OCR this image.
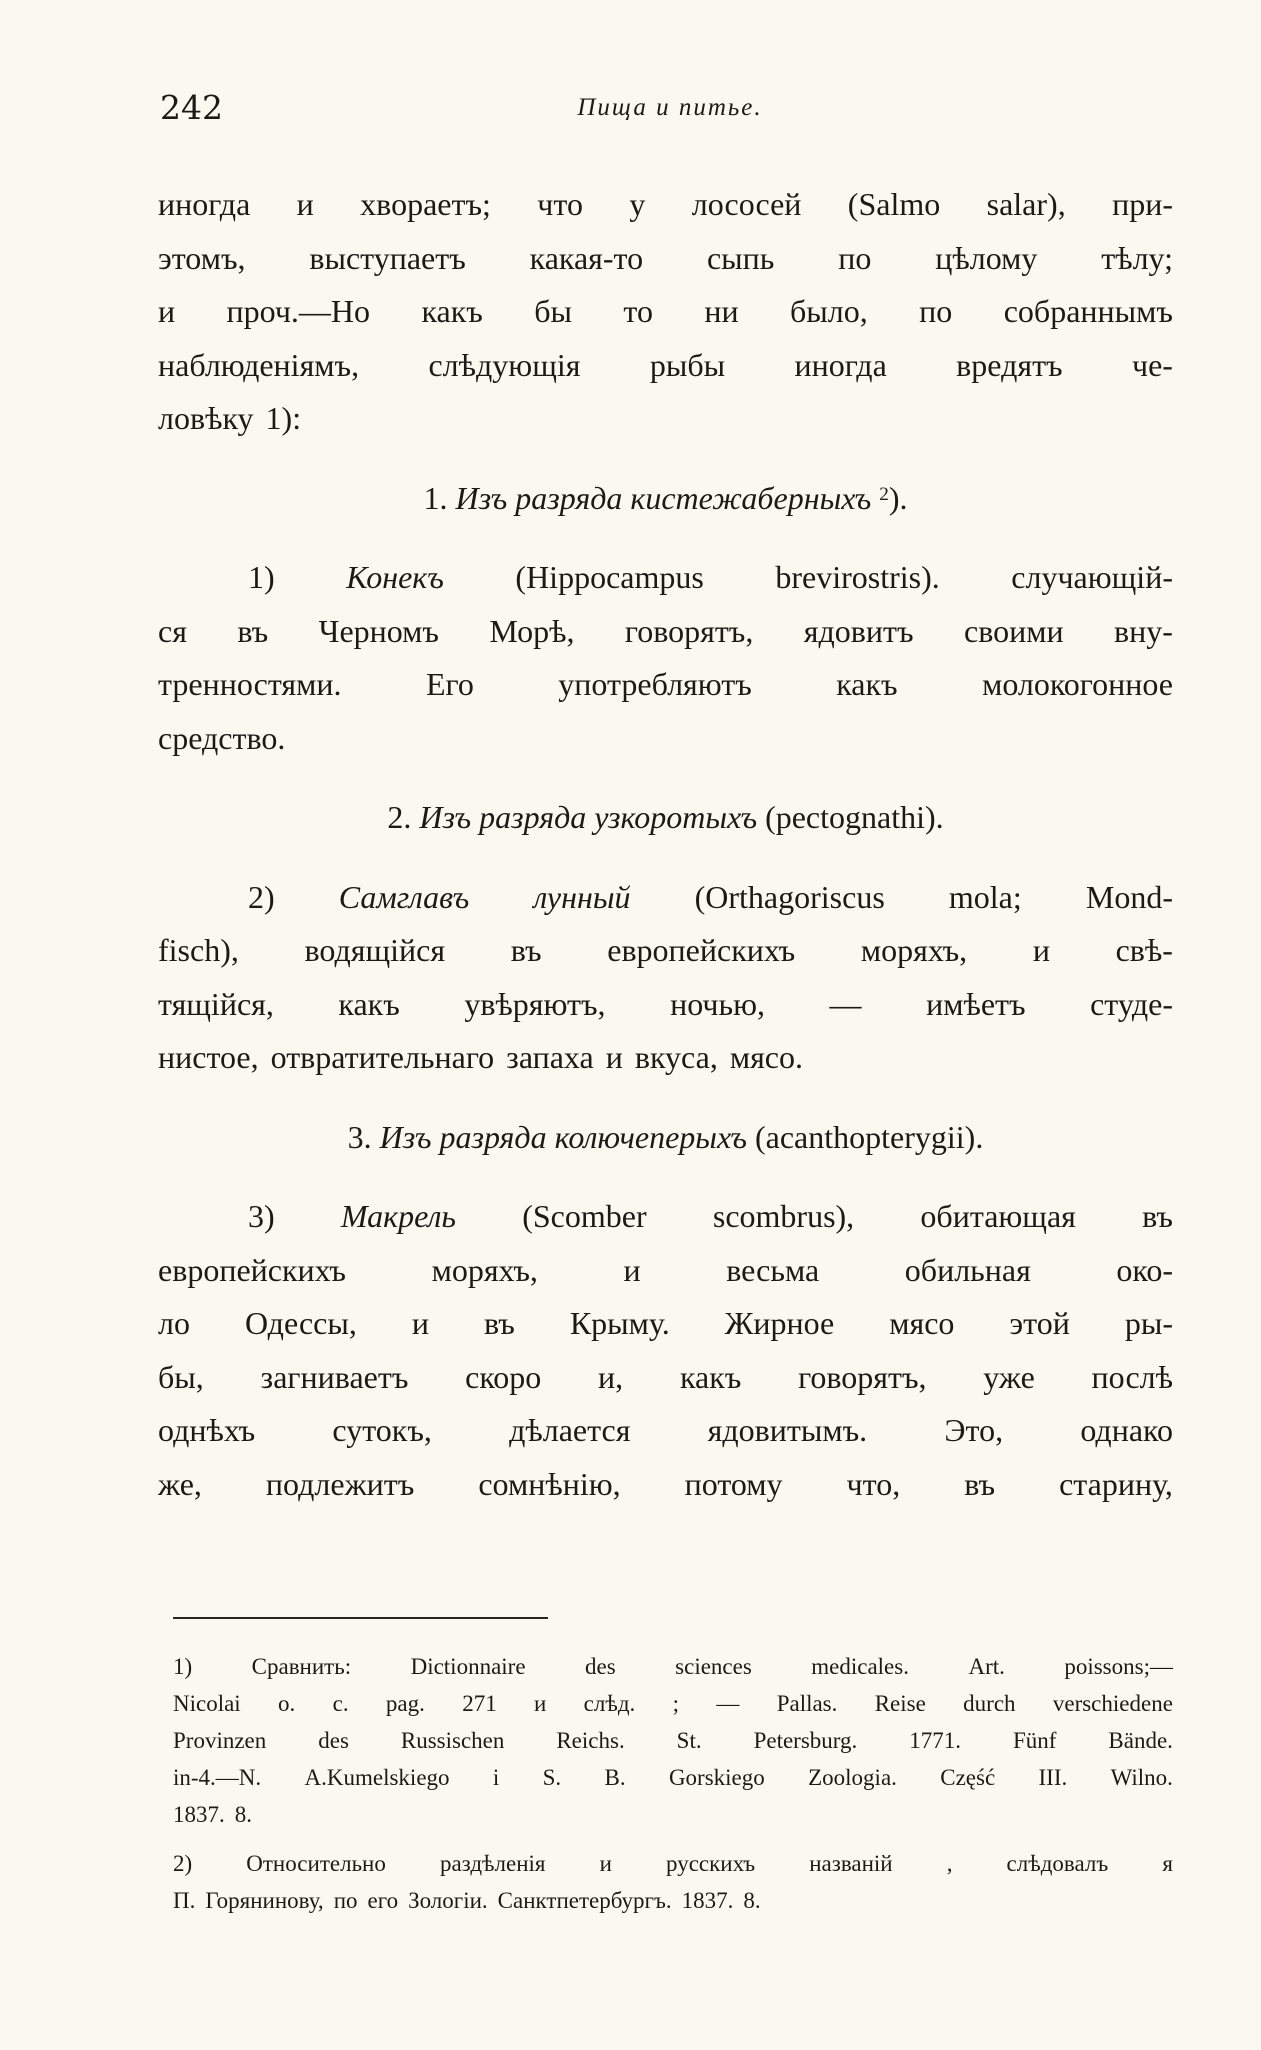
242	Пища и питье.
иногда и хвораетъ; что у лососей (Salmo salar), при-
этомъ, выступаетъ какая-то сыпь по цѣлому тѣлу;
и проч.—Но какъ бы то ни было, по собраннымъ
наблюденiямъ, слѣдующiя рыбы иногда вредятъ че-
ловѣку 1):
1. Изъ разряда кистежаберныхъ $^2$).
1) Конекъ (Hippocampus brevirostris). случающiй-
ся въ Черномъ Морѣ, говорятъ, ядовитъ своими вну-
тренностями.	Его	употребляютъ	какъ	молокогонное
средство.
2. Изъ разряда узкоротыхъ (pectognathi).
2) Самглавъ лунный (Orthagoriscus mola; Mond-
fisch), водящiйся въ европейскихъ моряхъ, и свѣ-
тящiйся, какъ увѣряютъ, ночью, — имѣетъ студе-
нистое, отвратительнаго запаха и вкуса, мясо.
3. Изъ разряда колючеперыхъ (acanthopterygii).
3) Макрель (Scomber scombrus), обитающая въ
европейскихъ	моряхъ,	и	весьма	обильная	око-
ло Одессы, и въ Крыму. Жирное мясо этой ры-
бы, загниваетъ скоро и, какъ говорятъ, уже послѣ
однѣхъ сутокъ, дѣлается ядовитымъ. Это, однако
же, подлежитъ сомнѣнiю, потому что, въ старину,
1)	Сравнить:	Dictionnaire	des	sciences	medicales.	Art.	poissons;—
Nicolai o. c. pag. 271 и слѣд. ; — Pallas. Reise durch verschiedene
Provinzen des Russischen Reichs. St. Petersburg. 1771. Fünf Bände.
in-4.—N. A.Kumelskiego i S. B. Gorskiego Zoologia. Część III. Wilno.
1837. 8.
2) Относительно раздѣленiя и русскихъ названiй , слѣдовалъ я
П. Горянинову, по его Зологiи. Санктпетербургъ. 1837. 8.
